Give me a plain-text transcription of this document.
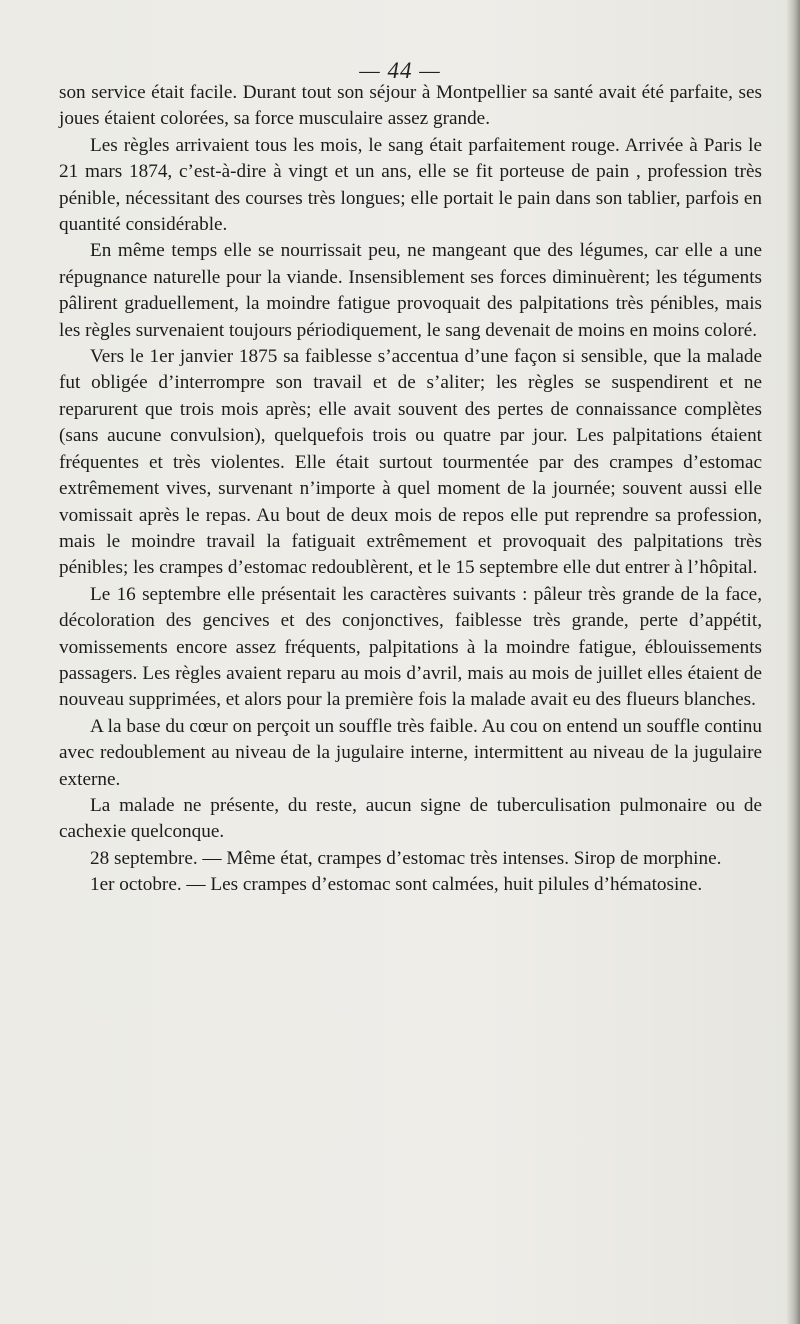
— 44 —

son service était facile. Durant tout son séjour à Montpellier sa santé avait été parfaite, ses joues étaient colorées, sa force musculaire assez grande.

Les règles arrivaient tous les mois, le sang était parfaitement rouge. Arrivée à Paris le 21 mars 1874, c’est-à-dire à vingt et un ans, elle se fit porteuse de pain , profession très pénible, nécessitant des courses très longues; elle portait le pain dans son tablier, parfois en quantité considérable.

En même temps elle se nourrissait peu, ne mangeant que des légumes, car elle a une répugnance naturelle pour la viande. Insensiblement ses forces diminuèrent; les téguments pâlirent graduellement, la moindre fatigue provoquait des palpitations très pénibles, mais les règles survenaient toujours périodiquement, le sang devenait de moins en moins coloré.

Vers le 1er janvier 1875 sa faiblesse s’accentua d’une façon si sensible, que la malade fut obligée d’interrompre son travail et de s’aliter; les règles se suspendirent et ne reparurent que trois mois après; elle avait souvent des pertes de connaissance complètes (sans aucune convulsion), quelquefois trois ou quatre par jour. Les palpitations étaient fréquentes et très violentes. Elle était surtout tourmentée par des crampes d’estomac extrêmement vives, survenant n’importe à quel moment de la journée; souvent aussi elle vomissait après le repas. Au bout de deux mois de repos elle put reprendre sa profession, mais le moindre travail la fatiguait extrêmement et provoquait des palpitations très pénibles; les crampes d’estomac redoublèrent, et le 15 septembre elle dut entrer à l’hôpital.

Le 16 septembre elle présentait les caractères suivants : pâleur très grande de la face, décoloration des gencives et des conjonctives, faiblesse très grande, perte d’appétit, vomissements encore assez fréquents, palpitations à la moindre fatigue, éblouissements passagers. Les règles avaient reparu au mois d’avril, mais au mois de juillet elles étaient de nouveau supprimées, et alors pour la première fois la malade avait eu des flueurs blanches.

A la base du cœur on perçoit un souffle très faible. Au cou on entend un souffle continu avec redoublement au niveau de la jugulaire interne, intermittent au niveau de la jugulaire externe.

La malade ne présente, du reste, aucun signe de tuberculisation pulmonaire ou de cachexie quelconque.

28 septembre. — Même état, crampes d’estomac très intenses. Sirop de morphine.

1er octobre. — Les crampes d’estomac sont calmées, huit pilules d’hématosine.
